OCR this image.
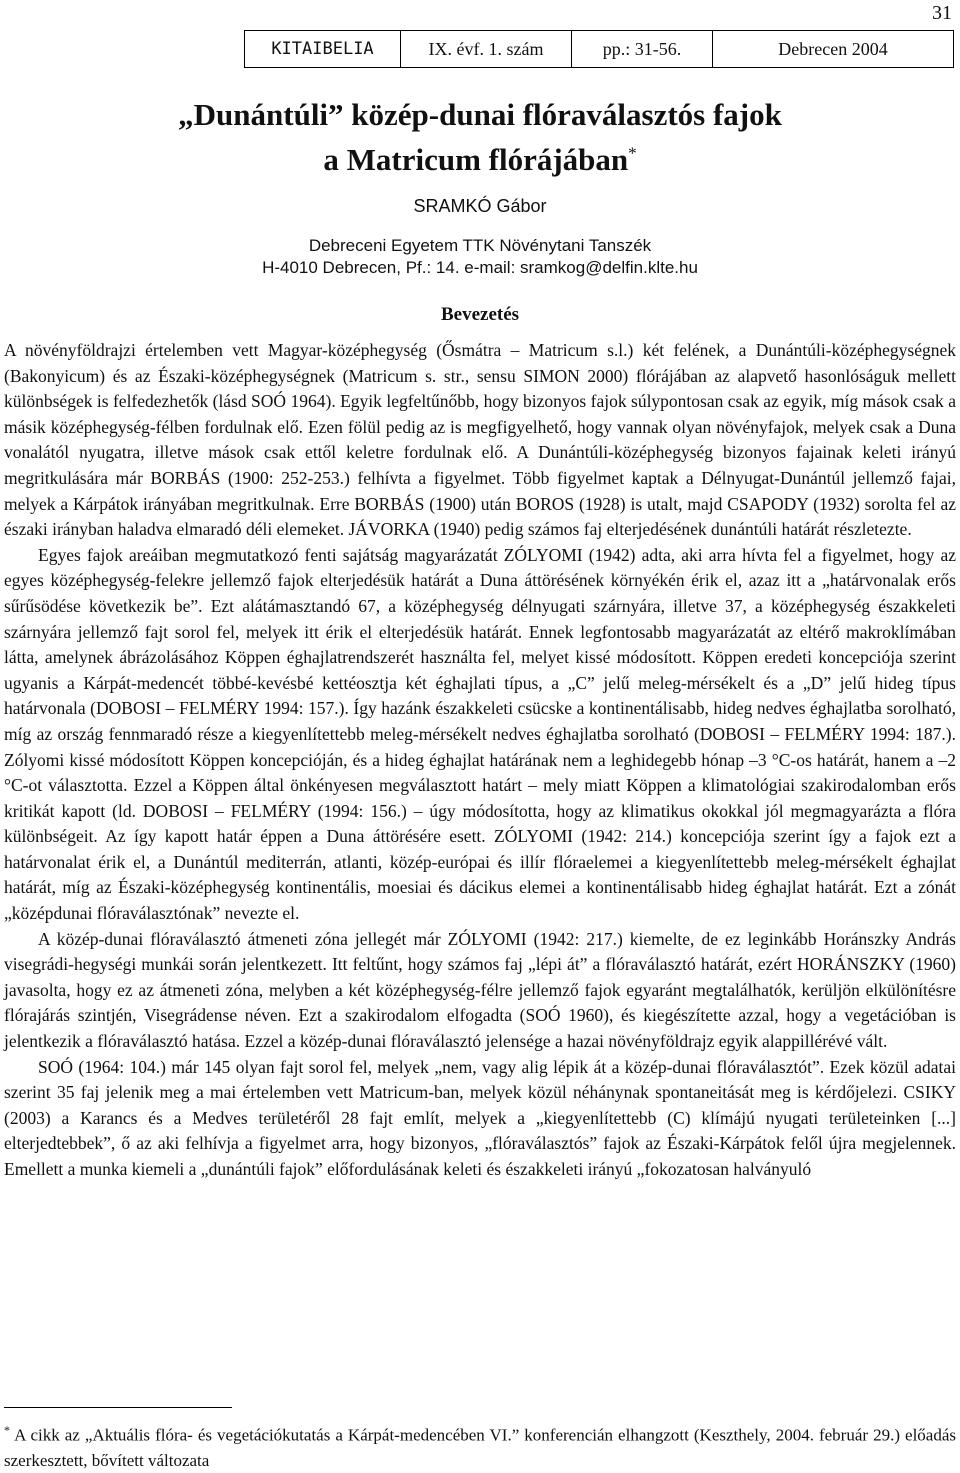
31
KITAIBELIA	IX. évf. 1. szám	pp.: 31-56.	Debrecen 2004
„Dunántúli” közép-dunai flóraválasztós fajok
a Matricum flórájában*
SRAMKÓ Gábor
Debreceni Egyetem TTK Növénytani Tanszék
H-4010 Debrecen, Pf.: 14. e-mail: sramkog@delfin.klte.hu
Bevezetés

A növényföldrajzi értelemben vett Magyar-középhegység (Ősmátra – Matricum s.l.) két felének, a Dunántúli-középhegységnek (Bakonyicum) és az Északi-középhegységnek (Matricum s. str., sensu SIMON 2000) flórájában az alapvető hasonlóságuk mellett különbségek is felfedezhetők (lásd SOÓ 1964). Egyik legfeltűnőbb, hogy bizonyos fajok súlypontosan csak az egyik, míg mások csak a másik középhegység-félben fordulnak elő. Ezen fölül pedig az is megfigyelhető, hogy vannak olyan növényfajok, melyek csak a Duna vonalától nyugatra, illetve mások csak ettől keletre fordulnak elő. A Dunántúli-középhegység bizonyos fajainak keleti irányú megritkulására már BORBÁS (1900: 252-253.) felhívta a figyelmet. Több figyelmet kaptak a Délnyugat-Dunántúl jellemző fajai, melyek a Kárpátok irányában megritkulnak. Erre BORBÁS (1900) után BOROS (1928) is utalt, majd CSAPODY (1932) sorolta fel az északi irányban haladva elmaradó déli elemeket. JÁVORKA (1940) pedig számos faj elterjedésének dunántúli határát részletezte.

Egyes fajok areáiban megmutatkozó fenti sajátság magyarázatát ZÓLYOMI (1942) adta, aki arra hívta fel a figyelmet, hogy az egyes középhegység-felekre jellemző fajok elterjedésük határát a Duna áttörésének környékén érik el, azaz itt a „határvonalak erős sűrűsödése következik be”. Ezt alátámasztandó 67, a középhegység délnyugati szárnyára, illetve 37, a középhegység északkeleti szárnyára jellemző fajt sorol fel, melyek itt érik el elterjedésük határát. Ennek legfontosabb magyarázatát az eltérő makroklímában látta, amelynek ábrázolásához Köppen éghajlatrendszerét használta fel, melyet kissé módosított. Köppen eredeti koncepciója szerint ugyanis a Kárpát-medencét többé-kevésbé kettéosztja két éghajlati típus, a „C” jelű meleg-mérsékelt és a „D” jelű hideg típus határvonala (DOBOSI – FELMÉRY 1994: 157.). Így hazánk északkeleti csücske a kontinentálisabb, hideg nedves éghajlatba sorolható, míg az ország fennmaradó része a kiegyenlítettebb meleg-mérsékelt nedves éghajlatba sorolható (DOBOSI – FELMÉRY 1994: 187.). Zólyomi kissé módosított Köppen koncepcióján, és a hideg éghajlat határának nem a leghidegebb hónap –3 °C-os határát, hanem a –2 °C-ot választotta. Ezzel a Köppen által önkényesen megválasztott határt – mely miatt Köppen a klimatológiai szakirodalomban erős kritikát kapott (ld. DOBOSI – FELMÉRY (1994: 156.) – úgy módosította, hogy az klimatikus okokkal jól megmagyarázta a flóra különbségeit. Az így kapott határ éppen a Duna áttörésére esett. ZÓLYOMI (1942: 214.) koncepciója szerint így a fajok ezt a határvonalat érik el, a Dunántúl mediterrán, atlanti, közép-európai és illír flóraelemei a kiegyenlítettebb meleg-mérsékelt éghajlat határát, míg az Északi-középhegység kontinentális, moesiai és dácikus elemei a kontinentálisabb hideg éghajlat határát. Ezt a zónát „középdunai flóraválasztónak” nevezte el.

A közép-dunai flóraválasztó átmeneti zóna jellegét már ZÓLYOMI (1942: 217.) kiemelte, de ez leginkább Horánszky András visegrádi-hegységi munkái során jelentkezett. Itt feltűnt, hogy számos faj „lépi át” a flóraválasztó határát, ezért HORÁNSZKY (1960) javasolta, hogy ez az átmeneti zóna, melyben a két középhegység-félre jellemző fajok egyaránt megtalálhatók, kerüljön elkülönítésre flórajárás szintjén, Visegrádense néven. Ezt a szakirodalom elfogadta (SOÓ 1960), és kiegészítette azzal, hogy a vegetációban is jelentkezik a flóraválasztó hatása. Ezzel a közép-dunai flóraválasztó jelensége a hazai növényföldrajz egyik alappillérévé vált.

SOÓ (1964: 104.) már 145 olyan fajt sorol fel, melyek „nem, vagy alig lépik át a közép-dunai flóraválasztót”. Ezek közül adatai szerint 35 faj jelenik meg a mai értelemben vett Matricum-ban, melyek közül néhánynak spontaneitását meg is kérdőjelezi. CSIKY (2003) a Karancs és a Medves területéről 28 fajt említ, melyek a „kiegyenlítettebb (C) klímájú nyugati területeinken [...] elterjedtebbek”, ő az aki felhívja a figyelmet arra, hogy bizonyos, „flóraválasztós” fajok az Északi-Kárpátok felől újra megjelennek. Emellett a munka kiemeli a „dunántúli fajok” előfordulásának keleti és északkeleti irányú „fokozatosan halványuló

* A cikk az „Aktuális flóra- és vegetációkutatás a Kárpát-medencében VI.” konferencián elhangzott (Keszthely, 2004. február 29.) előadás szerkesztett, bővített változata
